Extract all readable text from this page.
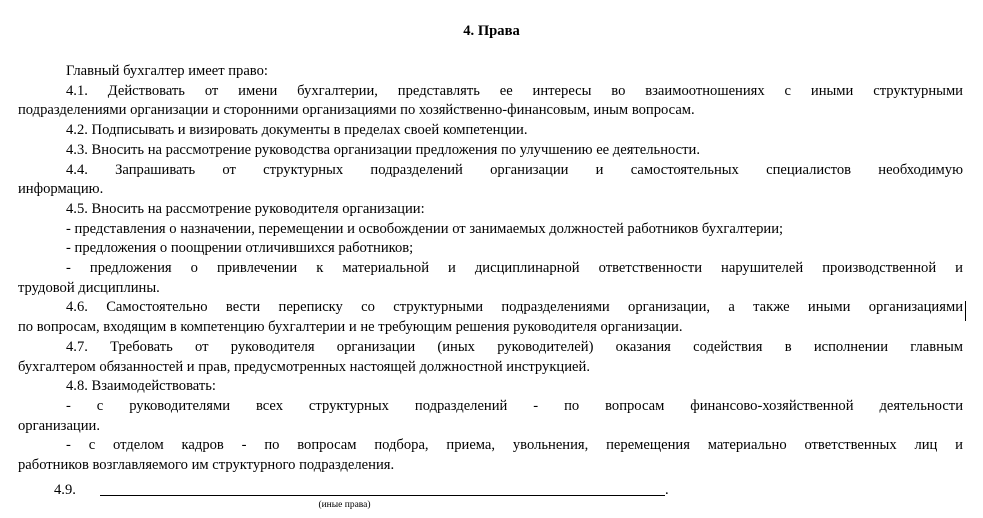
4. Права
Главный бухгалтер имеет право:
4.1. Действовать от имени бухгалтерии, представлять ее интересы во взаимоотношениях с иными структурными
подразделениями организации и сторонними организациями по хозяйственно-финансовым, иным вопросам.
4.2. Подписывать и визировать документы в пределах своей компетенции.
4.3. Вносить на рассмотрение руководства организации предложения по улучшению ее деятельности.
4.4. Запрашивать от структурных подразделений организации и самостоятельных специалистов необходимую
информацию.
4.5. Вносить на рассмотрение руководителя организации:
- представления о назначении, перемещении и освобождении от занимаемых должностей работников бухгалтерии;
- предложения о поощрении отличившихся работников;
- предложения о привлечении к материальной и дисциплинарной ответственности нарушителей производственной и
трудовой дисциплины.
4.6. Самостоятельно вести переписку со структурными подразделениями организации, а также иными организациями
по вопросам, входящим в компетенцию бухгалтерии и не требующим решения руководителя организации.
4.7. Требовать от руководителя организации (иных руководителей) оказания содействия в исполнении главным
бухгалтером обязанностей и прав, предусмотренных настоящей должностной инструкцией.
4.8. Взаимодействовать:
- с руководителями всех структурных подразделений - по вопросам финансово-хозяйственной деятельности
организации.
- с отделом кадров - по вопросам подбора, приема, увольнения, перемещения материально ответственных лиц и
работников возглавляемого им структурного подразделения.
4.9.	.
(иные права)
